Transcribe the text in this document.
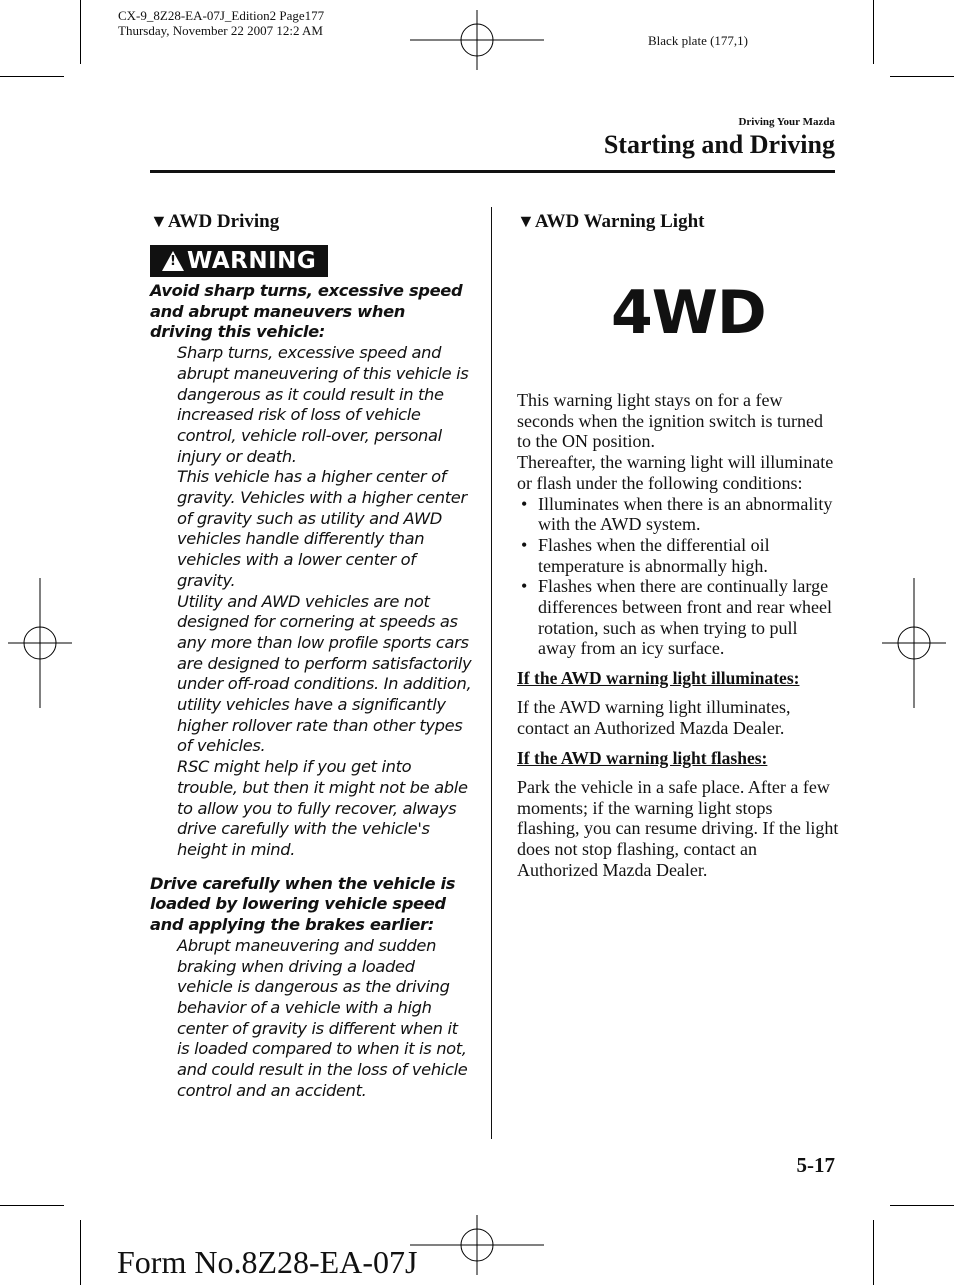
CX-9_8Z28-EA-07J_Edition2 Page177
Thursday, November 22 2007 12:2 AM
Black plate (177,1)
Driving Your Mazda
Starting and Driving
▼AWD Driving
! WARNING

Avoid sharp turns, excessive speed and abrupt maneuvers when driving this vehicle:

Sharp turns, excessive speed and abrupt maneuvering of this vehicle is dangerous as it could result in the increased risk of loss of vehicle control, vehicle roll-over, personal injury or death.

This vehicle has a higher center of gravity. Vehicles with a higher center of gravity such as utility and AWD vehicles handle differently than vehicles with a lower center of gravity.

Utility and AWD vehicles are not designed for cornering at speeds as any more than low profile sports cars are designed to perform satisfactorily under off-road conditions. In addition, utility vehicles have a significantly higher rollover rate than other types of vehicles.

RSC might help if you get into trouble, but then it might not be able to allow you to fully recover, always drive carefully with the vehicle's height in mind.

Drive carefully when the vehicle is loaded by lowering vehicle speed and applying the brakes earlier:

Abrupt maneuvering and sudden braking when driving a loaded vehicle is dangerous as the driving behavior of a vehicle with a high center of gravity is different when it is loaded compared to when it is not, and could result in the loss of vehicle control and an accident.

▼AWD Warning Light
4WD

This warning light stays on for a few seconds when the ignition switch is turned to the ON position.

Thereafter, the warning light will illuminate or flash under the following conditions:

• Illuminates when there is an abnormality with the AWD system.
• Flashes when the differential oil temperature is abnormally high.
• Flashes when there are continually large differences between front and rear wheel rotation, such as when trying to pull away from an icy surface.

If the AWD warning light illuminates:

If the AWD warning light illuminates, contact an Authorized Mazda Dealer.

If the AWD warning light flashes:

Park the vehicle in a safe place. After a few moments; if the warning light stops flashing, you can resume driving. If the light does not stop flashing, contact an Authorized Mazda Dealer.

5-17
Form No.8Z28-EA-07J
